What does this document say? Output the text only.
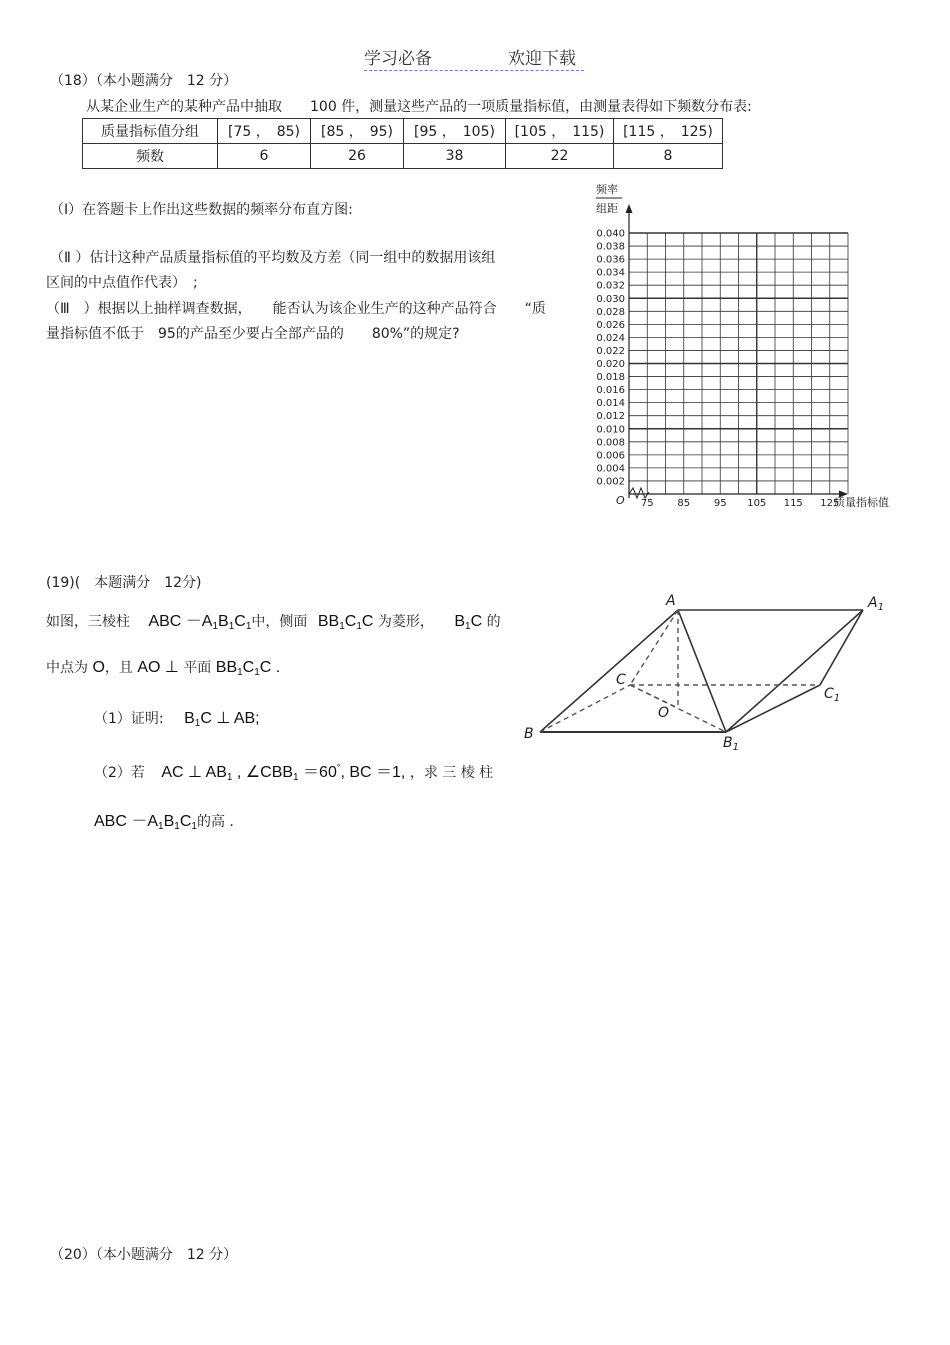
学习必备	欢迎下载
（18）（本小题满分　12 分）
从某企业生产的某种产品中抽取　　100 件，测量这些产品的一项质量指标值，由测量表得如下频数分布表:
质量指标值分组	[75 ，　85)	[85 ，　95)	[95 ，　105)	[105 ，　115)	[115 ，　125)
频数	6	26	38	22	8
（Ⅰ）在答题卡上作出这些数据的频率分布直方图:
（Ⅱ ）估计这种产品质量指标值的平均数及方差（同一组中的数据用该组
区间的中点值作代表）　;
（Ⅲ　）根据以上抽样调查数据，　　能否认为该企业生产的这种产品符合　　“质
量指标值不低于　95的产品至少要占全部产品的　　80%”的规定?
0.040
0.038
0.036
0.034
0.032
0.030
0.028
0.026
0.024
0.022
0.020
0.018
0.016
0.014
0.012
0.010
0.008
0.006
0.004
0.002
75 85 95 105 115 125
频率
组距
O	质量指标值
(19)(　本题满分　12分)
如图，三棱柱 ABC －A1B1C1中，侧面 BB1C1C 为菱形， B1C 的
中点为 O，且 AO ⊥ 平面 BB1C1C .
（1）证明: B1C ⊥ AB;
（2）若 AC ⊥ AB1 , ∠CBB1 ＝60°, BC ＝1, ，求 三 棱 柱
ABC －A1B1C1的高 .
A	$A_1$
B
$B_1$
C
$C_1$
O
（20）（本小题满分　12 分）
